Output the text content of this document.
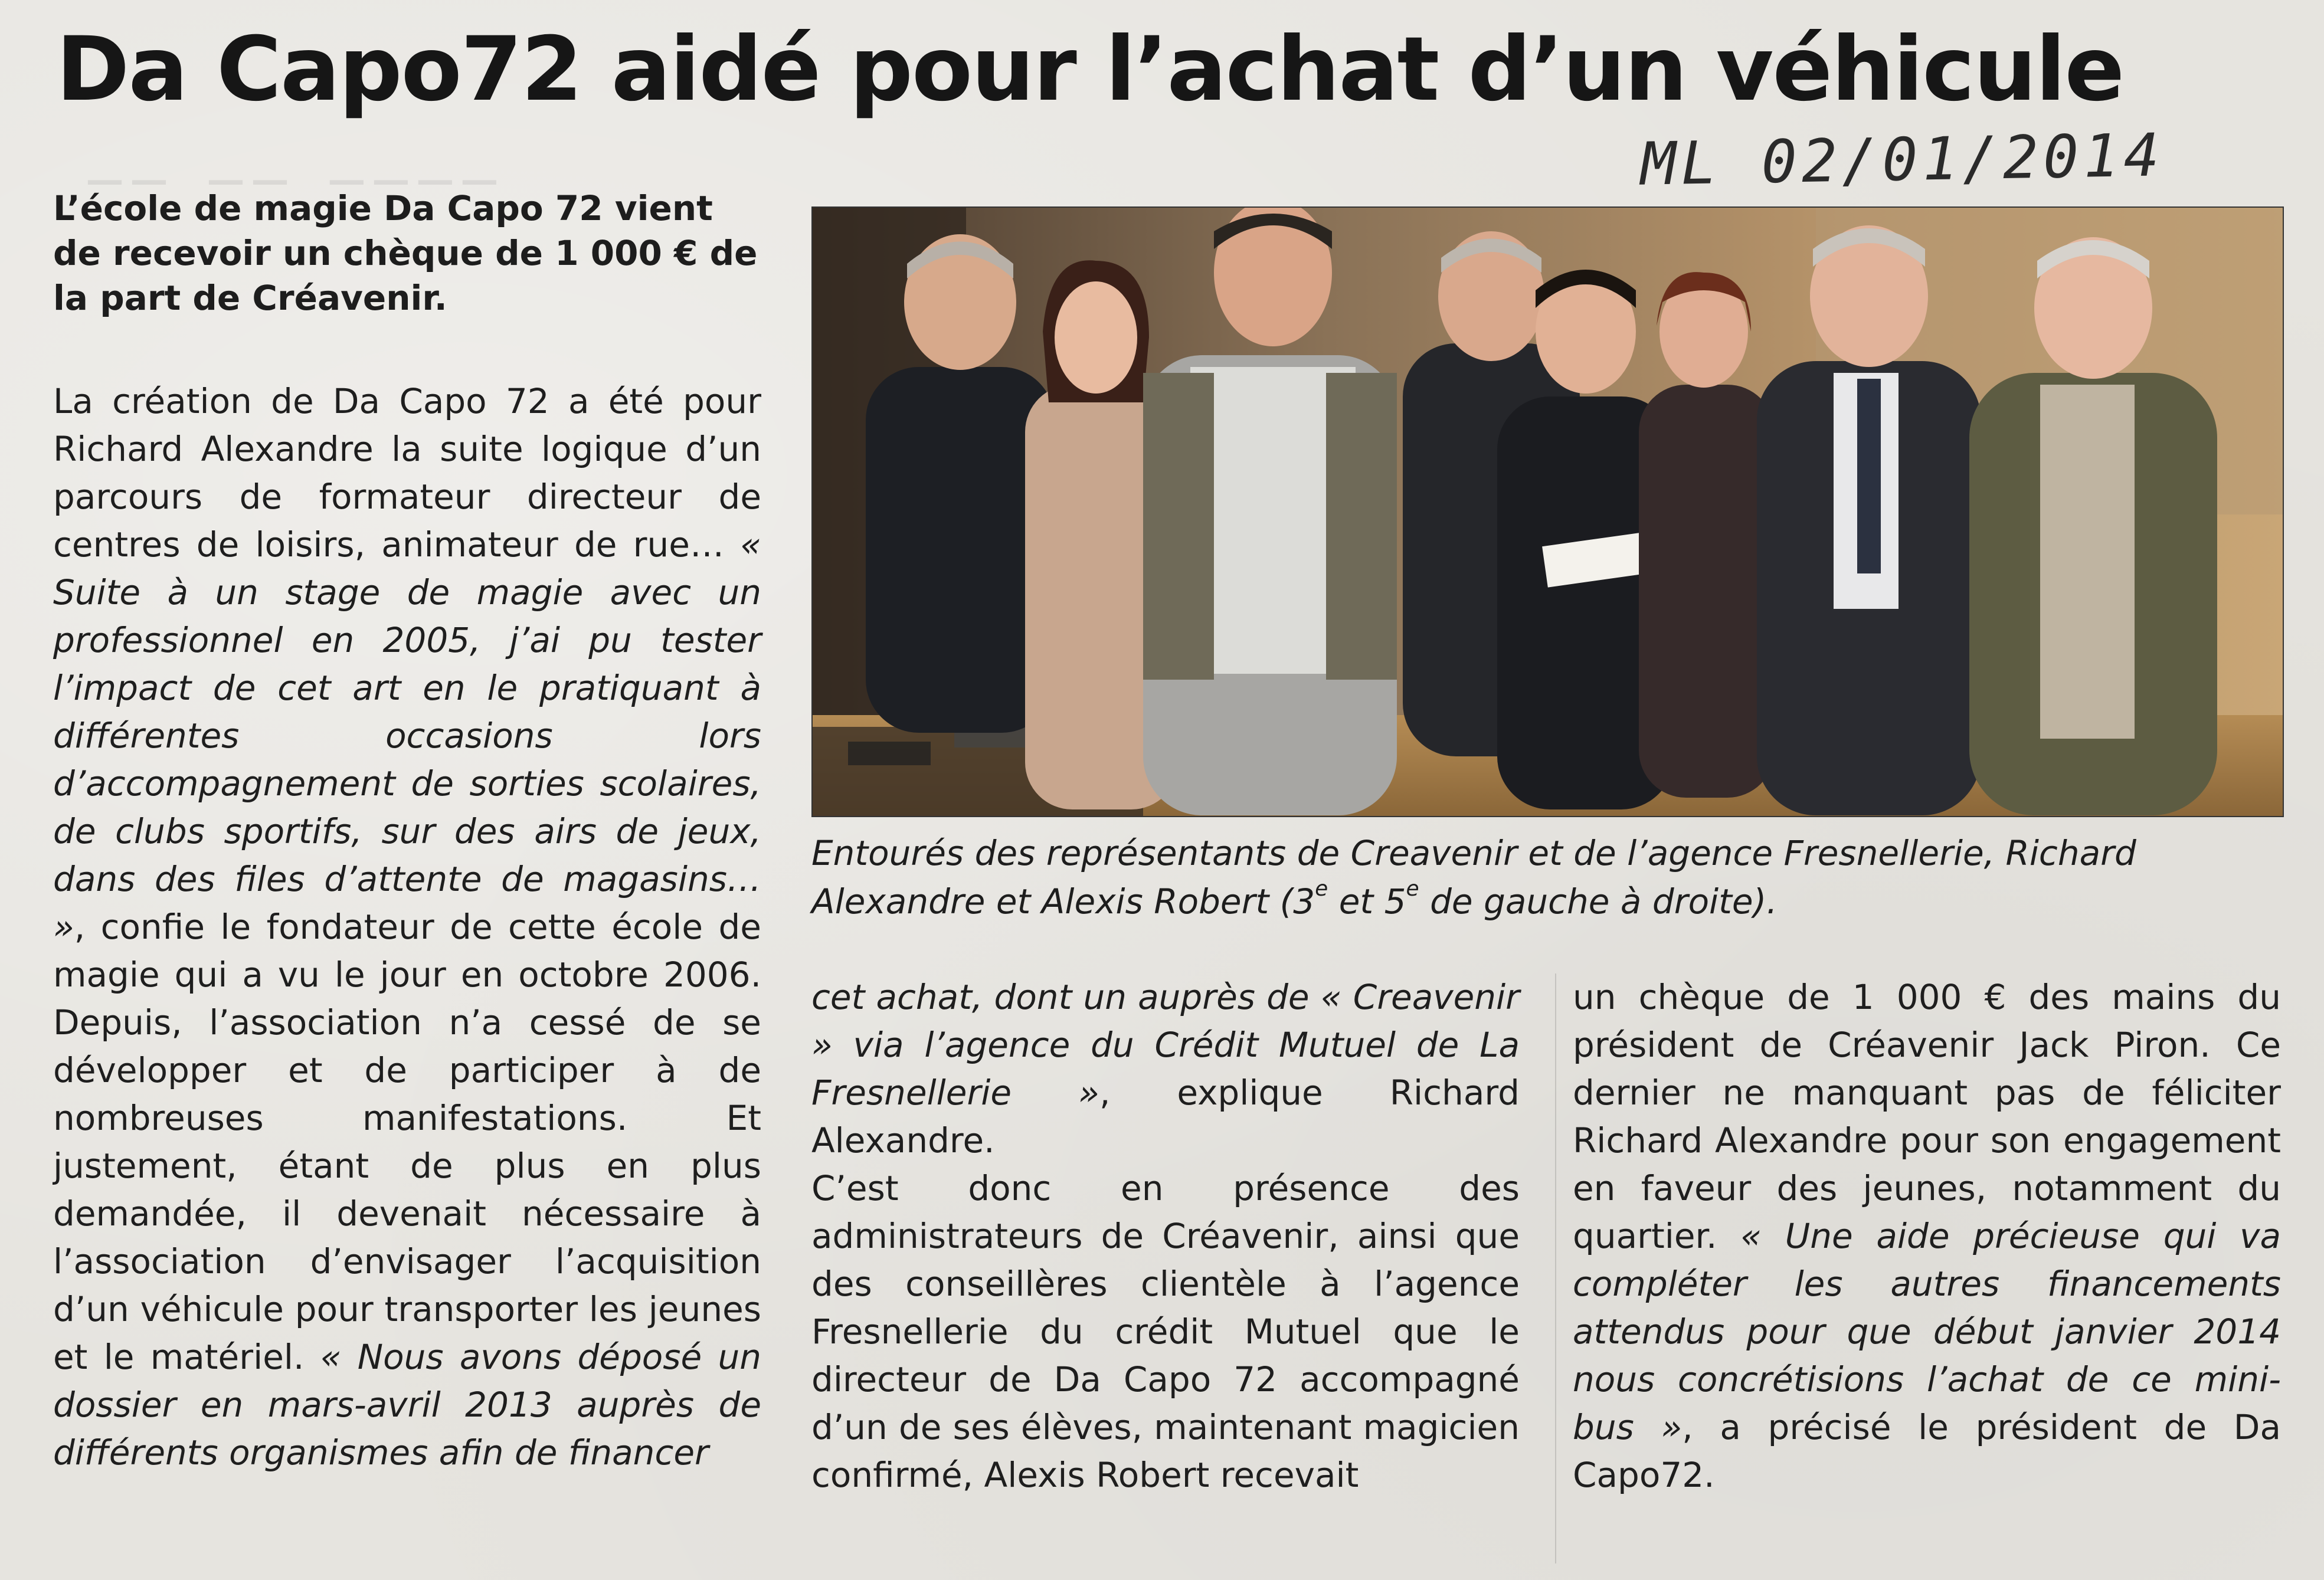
__ __ ____
Da Capo72 aidé pour l’achat d’un véhicule
ML 02/01/2014
L’école de magie Da Capo 72 vient de recevoir un chèque de 1 000 € de la part de Créavenir.

La création de Da Capo 72 a été pour Richard Alexandre la suite logique d’un parcours de formateur directeur de centres de loisirs, animateur de rue… « Suite à un stage de magie avec un professionnel en 2005, j’ai pu tester l’impact de cet art en le pratiquant à différentes occasions lors d’accompagnement de sorties scolaires, de clubs sportifs, sur des airs de jeux, dans des files d’attente de magasins… », confie le fondateur de cette école de magie qui a vu le jour en octobre 2006. Depuis, l’association n’a cessé de se développer et de participer à de nombreuses manifestations. Et justement, étant de plus en plus demandée, il devenait nécessaire à l’association d’envisager l’acquisition d’un véhicule pour transporter les jeunes et le matériel. « Nous avons déposé un dossier en mars-avril 2013 auprès de différents organismes afin de financer

Entourés des représentants de Creavenir et de l’agence Fresnellerie, Richard Alexandre et Alexis Robert (3e et 5e de gauche à droite).

cet achat, dont un auprès de « Creavenir » via l’agence du Crédit Mutuel de La Fresnellerie », explique Richard Alexandre.

C’est donc en présence des administrateurs de Créavenir, ainsi que des conseillères clientèle à l’agence Fresnellerie du crédit Mutuel que le directeur de Da Capo 72 accompagné d’un de ses élèves, maintenant magicien confirmé, Alexis Robert recevait

un chèque de 1 000 € des mains du président de Créavenir Jack Piron. Ce dernier ne manquant pas de féliciter Richard Alexandre pour son engagement en faveur des jeunes, notamment du quartier. « Une aide précieuse qui va compléter les autres financements attendus pour que début janvier 2014 nous concrétisions l’achat de ce mini-bus », a précisé le président de Da Capo72.
